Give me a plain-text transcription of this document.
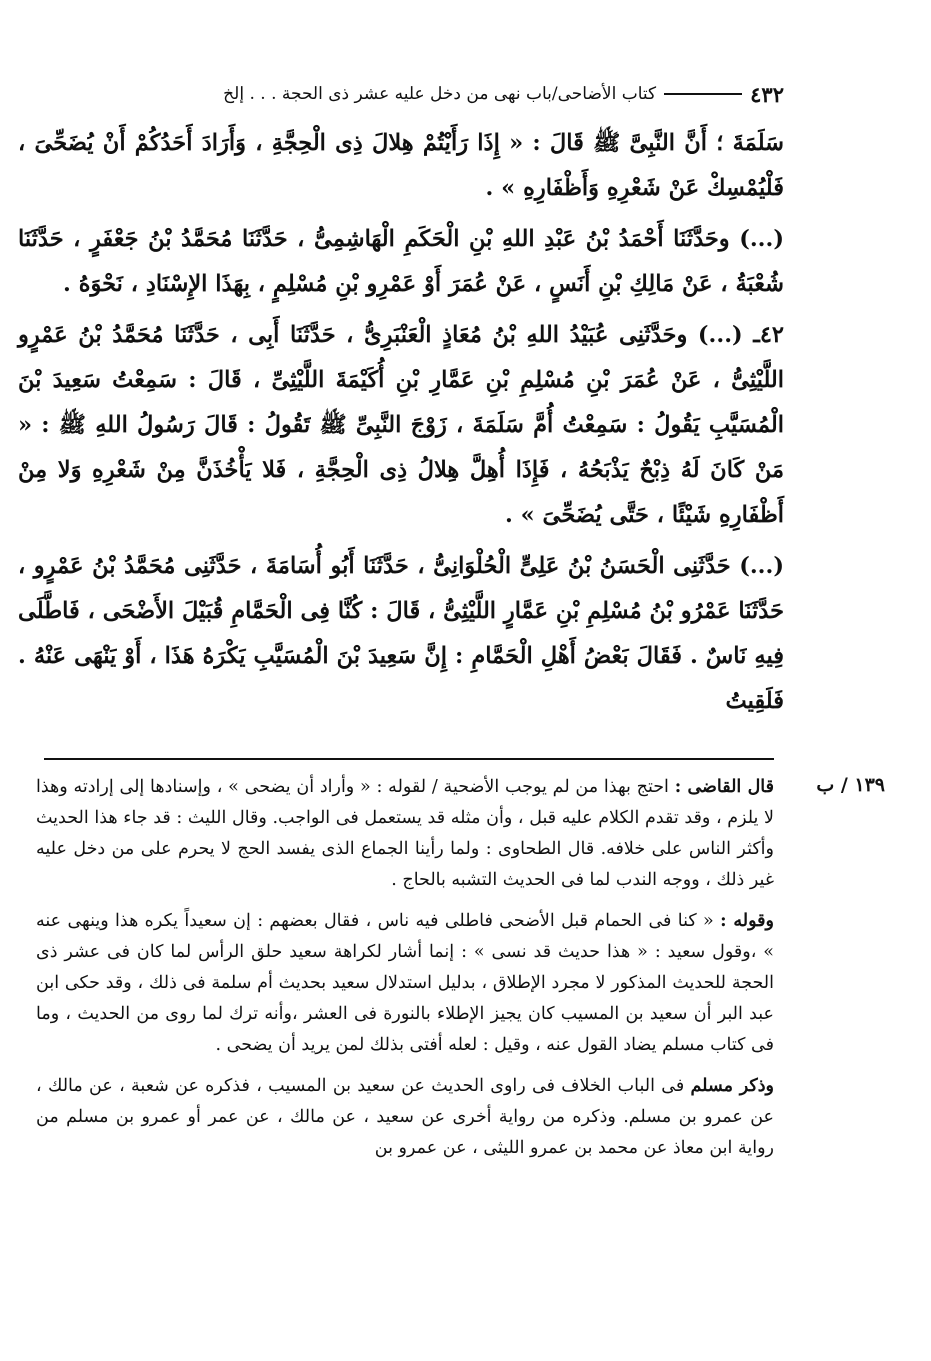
٤٣٢
كتاب الأضاحى/باب نهى من دخل عليه عشر ذى الحجة . . . إلخ

سَلَمَةَ ؛ أَنَّ النَّبِىَّ ﷺ قَالَ : « إِذَا رَأَيْتُمْ هِلالَ ذِى الْحِجَّةِ ، وَأَرَادَ أَحَدُكُمْ أَنْ يُضَحِّىَ ، فَلْيُمْسِكْ عَنْ شَعْرِهِ وَأَظْفَارِهِ » .

(...) وحَدَّثَنَا أَحْمَدُ بْنُ عَبْدِ اللهِ بْنِ الْحَكَمِ الْهَاشِمِىُّ ، حَدَّثَنَا مُحَمَّدُ بْنُ جَعْفَرٍ ، حَدَّثَنَا شُعْبَةُ ، عَنْ مَالِكِ بْنِ أَنَسٍ ، عَنْ عُمَرَ أَوْ عَمْرِو بْنِ مُسْلِمٍ ، بِهَذَا الإِسْنَادِ ، نَحْوَهُ .

٤٢ـ (...) وحَدَّثَنِى عُبَيْدُ اللهِ بْنُ مُعَاذٍ الْعَنْبَرِىُّ ، حَدَّثَنَا أَبِى ، حَدَّثَنَا مُحَمَّدُ بْنُ عَمْرٍو اللَّيْثِىُّ ، عَنْ عُمَرَ بْنِ مُسْلِمِ بْنِ عَمَّارِ بْنِ أُكَيْمَةَ اللَّيْثِىِّ ، قَالَ : سَمِعْتُ سَعِيدَ بْنَ الْمُسَيَّبِ يَقُولُ : سَمِعْتُ أُمَّ سَلَمَةَ ، زَوْجَ النَّبِىِّ ﷺ تَقُولُ : قَالَ رَسُولُ اللهِ ﷺ : « مَنْ كَانَ لَهُ ذِبْحٌ يَذْبَحُهُ ، فَإِذَا أُهِلَّ هِلالُ ذِى الْحِجَّةِ ، فَلا يَأْخُذَنَّ مِنْ شَعْرِهِ وَلا مِنْ أَظْفَارِهِ شَيْئًا ، حَتَّى يُضَحِّىَ » .

(...) حَدَّثَنِى الْحَسَنُ بْنُ عَلِىٍّ الْحُلْوَانِىُّ ، حَدَّثَنَا أَبُو أُسَامَةَ ، حَدَّثَنِى مُحَمَّدُ بْنُ عَمْرٍو ، حَدَّثَنَا عَمْرُو بْنُ مُسْلِمِ بْنِ عَمَّارٍ اللَّيْثِىُّ ، قَالَ : كُنَّا فِى الْحَمَّامِ قُبَيْلَ الأَضْحَى ، فَاطَّلَى فِيهِ نَاسٌ . فَقَالَ بَعْضُ أَهْلِ الْحَمَّامِ : إِنَّ سَعِيدَ بْنَ الْمُسَيَّبِ يَكْرَهُ هَذَا ، أَوْ يَنْهَى عَنْهُ . فَلَقِيتُ

١٣٩ / ب

قال القاضى : احتج بهذا من لم يوجب الأضحية / لقوله : « وأراد أن يضحى » ، وإسنادها إلى إرادته وهذا لا يلزم ، وقد تقدم الكلام عليه قبل ، وأن مثله قد يستعمل فى الواجب. وقال الليث : قد جاء هذا الحديث وأكثر الناس على خلافه. قال الطحاوى : ولما رأينا الجماع الذى يفسد الحج لا يحرم على من دخل عليه غير ذلك ، ووجه الندب لما فى الحديث التشبه بالحاج .

وقوله : « كنا فى الحمام قبل الأضحى فاطلى فيه ناس ، فقال بعضهم : إن سعيداً يكره هذا وينهى عنه » ،وقول سعيد : « هذا حديث قد نسى » : إنما أشار لكراهة سعيد حلق الرأس لما كان فى عشر ذى الحجة للحديث المذكور لا مجرد الإطلاق ، بدليل استدلال سعيد بحديث أم سلمة فى ذلك ، وقد حكى ابن عبد البر أن سعيد بن المسيب كان يجيز الإطلاء بالنورة فى العشر ،وأنه ترك لما روى من الحديث ، وما فى كتاب مسلم يضاد القول عنه ، وقيل : لعله أفتى بذلك لمن يريد أن يضحى .

وذكر مسلم فى الباب الخلاف فى راوى الحديث عن سعيد بن المسيب ، فذكره عن شعبة ، عن مالك ، عن عمرو بن مسلم. وذكره من رواية أخرى عن سعيد ، عن مالك ، عن عمر أو عمرو بن مسلم من رواية ابن معاذ عن محمد بن عمرو الليثى ، عن عمرو بن
